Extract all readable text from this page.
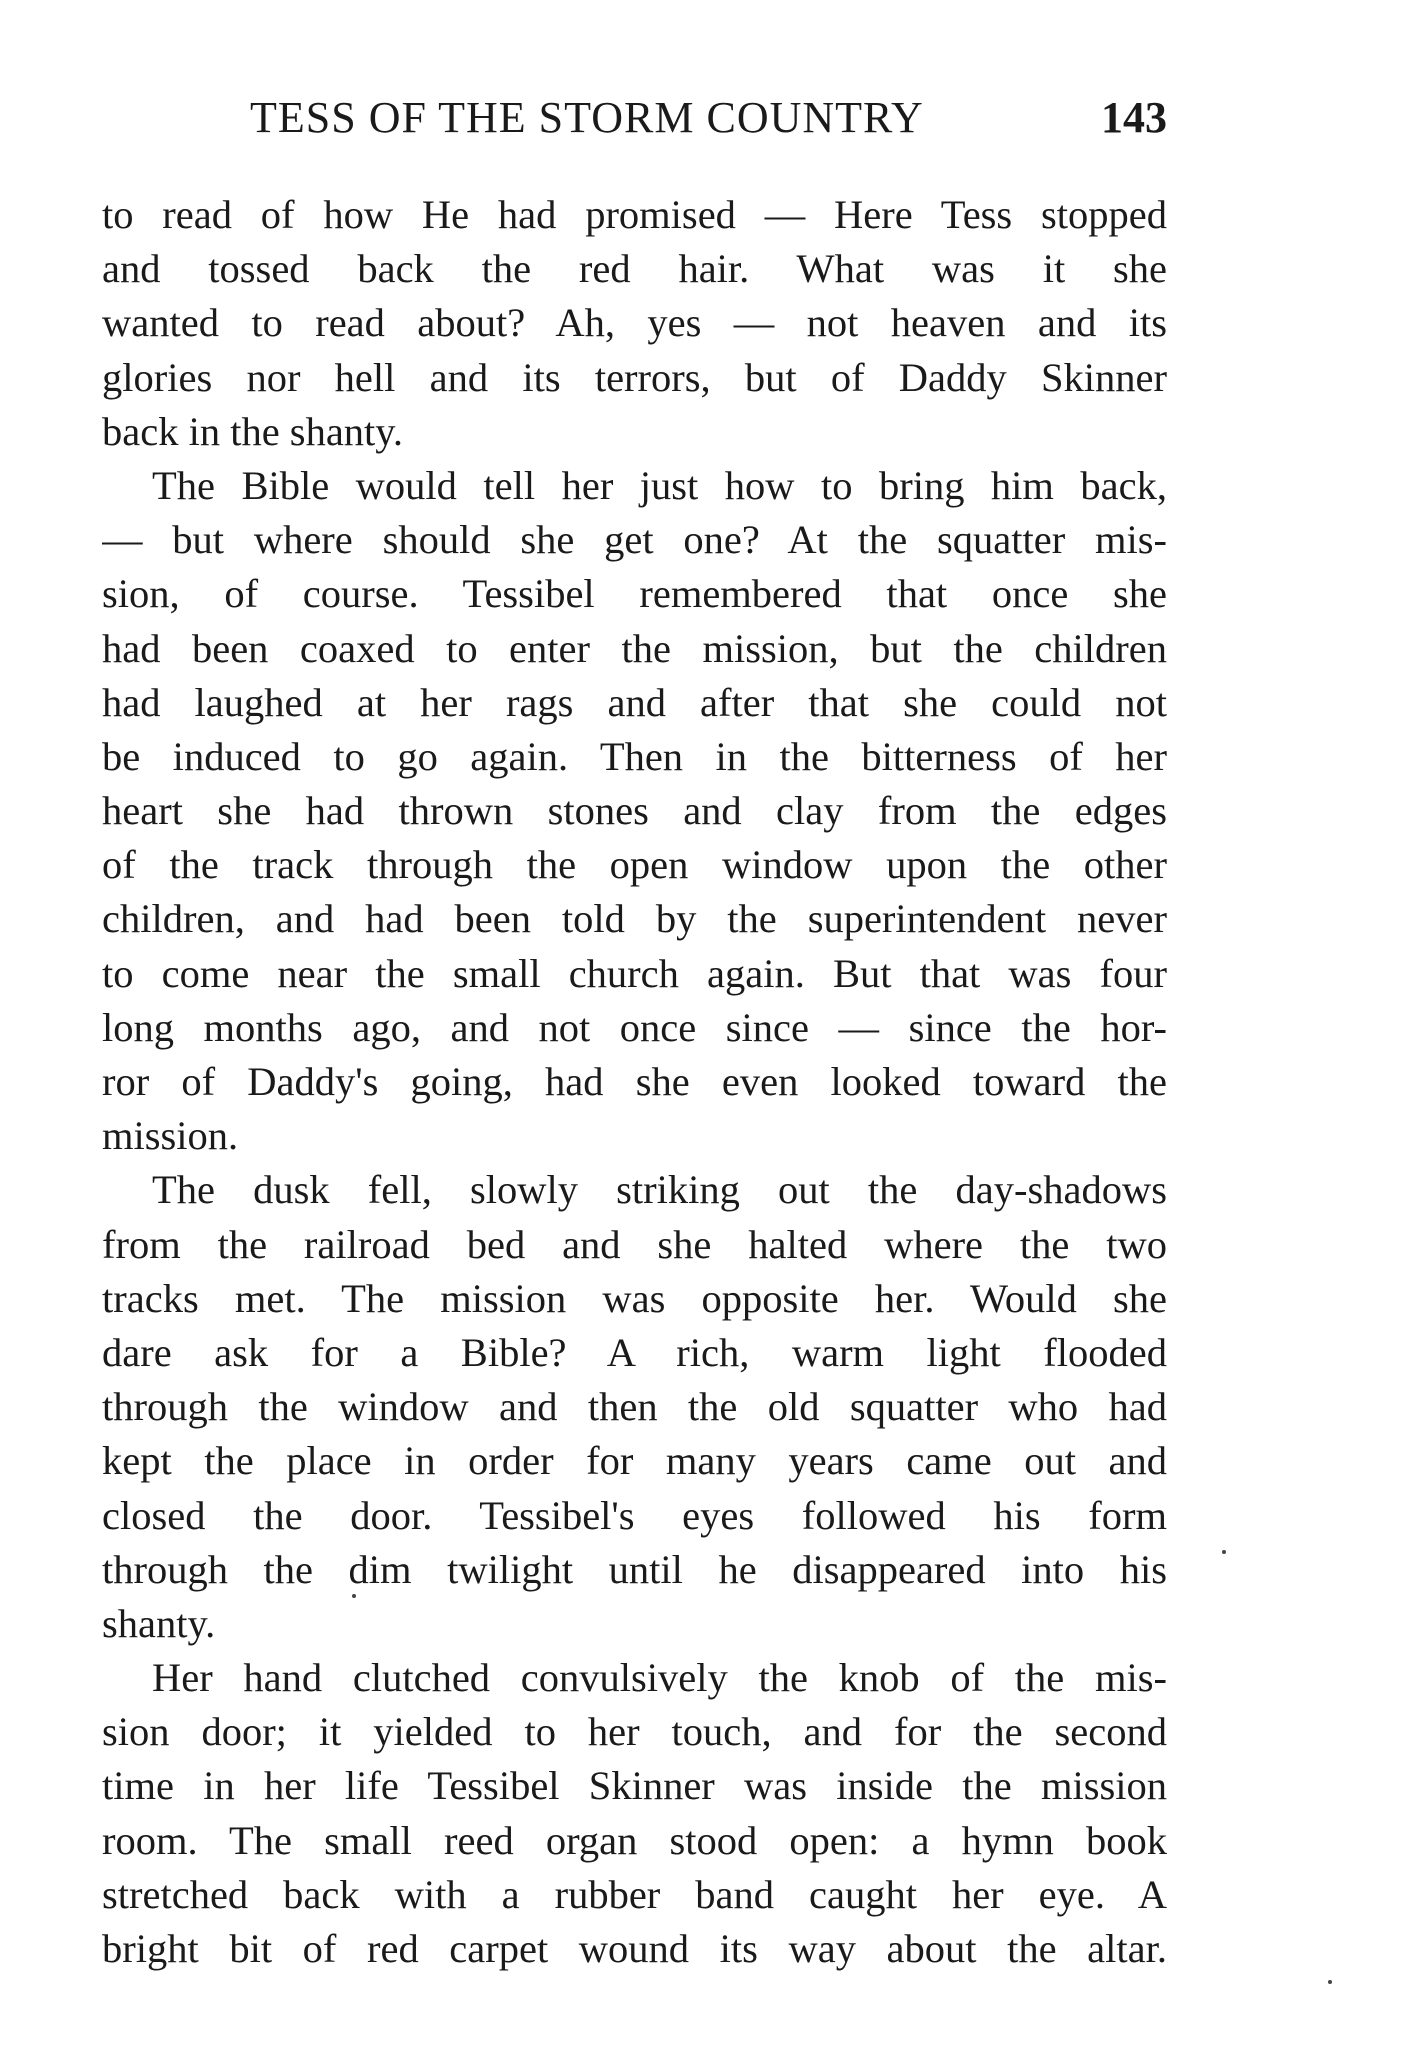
TESS OF THE STORM COUNTRY	143
to read of how He had promised — Here Tess stopped
and tossed back the red hair. What was it she
wanted to read about? Ah, yes — not heaven and its
glories nor hell and its terrors, but of Daddy Skinner
back in the shanty.
The Bible would tell her just how to bring him back,
— but where should she get one? At the squatter mis-
sion, of course. Tessibel remembered that once she
had been coaxed to enter the mission, but the children
had laughed at her rags and after that she could not
be induced to go again. Then in the bitterness of her
heart she had thrown stones and clay from the edges
of the track through the open window upon the other
children, and had been told by the superintendent never
to come near the small church again. But that was four
long months ago, and not once since — since the hor-
ror of Daddy's going, had she even looked toward the
mission.
The dusk fell, slowly striking out the day-shadows
from the railroad bed and she halted where the two
tracks met. The mission was opposite her. Would she
dare ask for a Bible? A rich, warm light flooded
through the window and then the old squatter who had
kept the place in order for many years came out and
closed the door. Tessibel's eyes followed his form
through the dim twilight until he disappeared into his
shanty.
Her hand clutched convulsively the knob of the mis-
sion door; it yielded to her touch, and for the second
time in her life Tessibel Skinner was inside the mission
room. The small reed organ stood open: a hymn book
stretched back with a rubber band caught her eye. A
bright bit of red carpet wound its way about the altar.
